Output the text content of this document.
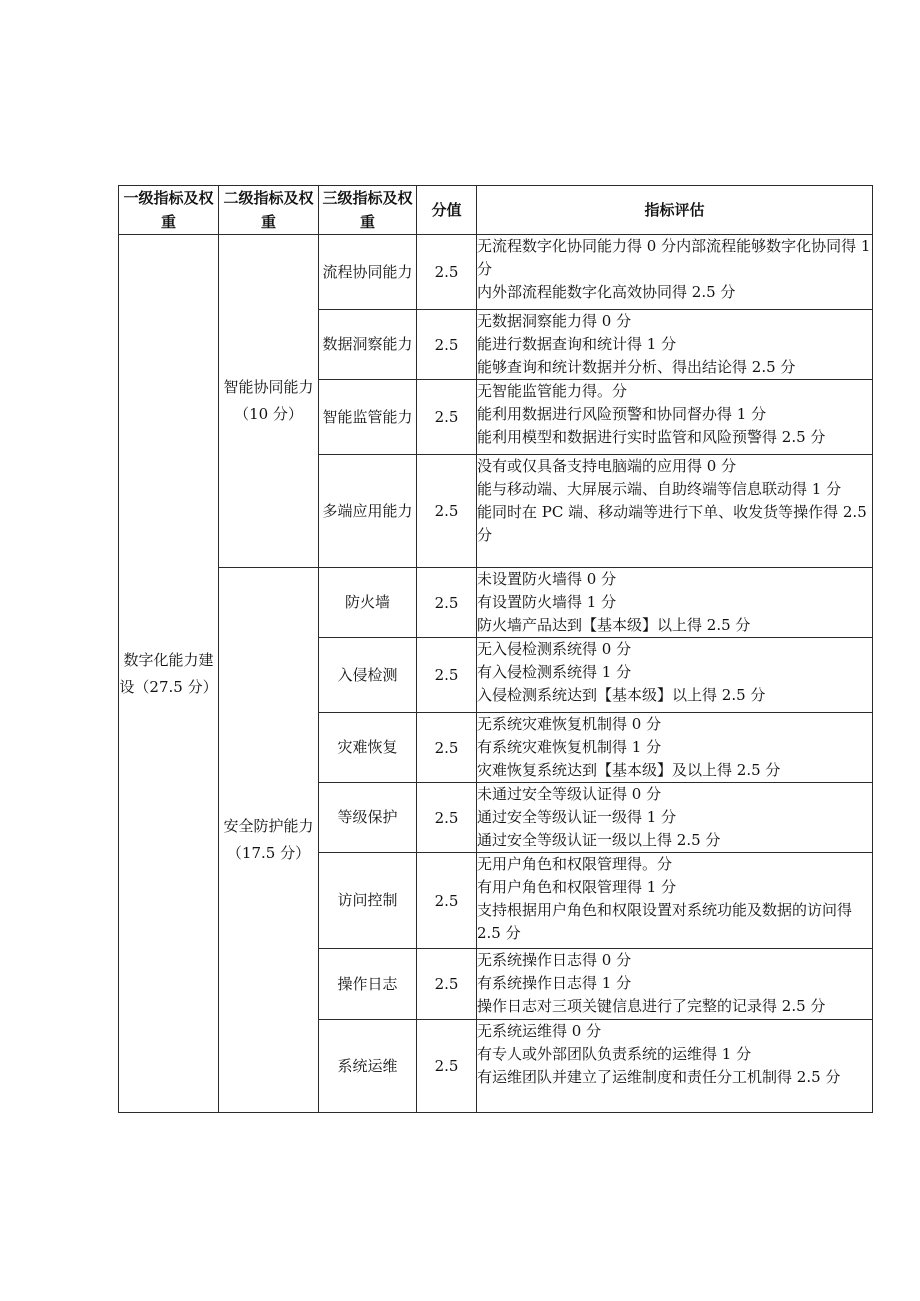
一级指标及权重	二级指标及权重	三级指标及权重	分值	指标评估
数字化能力建设（27.5 分）	智能协同能力（10 分）	流程协同能力	2.5	无流程数字化协同能力得 0 分内部流程能够数字化协同得 1 分

内外部流程能数字化高效协同得 2.5 分

		数据洞察能力	2.5	无数据洞察能力得 0 分

能进行数据查询和统计得 1 分

能够查询和统计数据并分析、得出结论得 2.5 分

		智能监管能力	2.5	无智能监管能力得。分

能利用数据进行风险预警和协同督办得 1 分

能利用模型和数据进行实时监管和风险预警得 2.5 分

		多端应用能力	2.5	没有或仅具备支持电脑端的应用得 0 分

能与移动端、大屏展示端、自助终端等信息联动得 1 分

能同时在 PC 端、移动端等进行下单、收发货等操作得 2.5 分

	安全防护能力（17.5 分）	防火墙	2.5	未设置防火墙得 0 分

有设置防火墙得 1 分

防火墙产品达到【基本级】以上得 2.5 分

		入侵检测	2.5	无入侵检测系统得 0 分

有入侵检测系统得 1 分

入侵检测系统达到【基本级】以上得 2.5 分

		灾难恢复	2.5	无系统灾难恢复机制得 0 分

有系统灾难恢复机制得 1 分

灾难恢复系统达到【基本级】及以上得 2.5 分

		等级保护	2.5	未通过安全等级认证得 0 分

通过安全等级认证一级得 1 分

通过安全等级认证一级以上得 2.5 分

		访问控制	2.5	无用户角色和权限管理得。分

有用户角色和权限管理得 1 分

支持根据用户角色和权限设置对系统功能及数据的访问得 2.5 分

		操作日志	2.5	无系统操作日志得 0 分

有系统操作日志得 1 分

操作日志对三项关键信息进行了完整的记录得 2.5 分

		系统运维	2.5	无系统运维得 0 分

有专人或外部团队负责系统的运维得 1 分

有运维团队并建立了运维制度和责任分工机制得 2.5 分
